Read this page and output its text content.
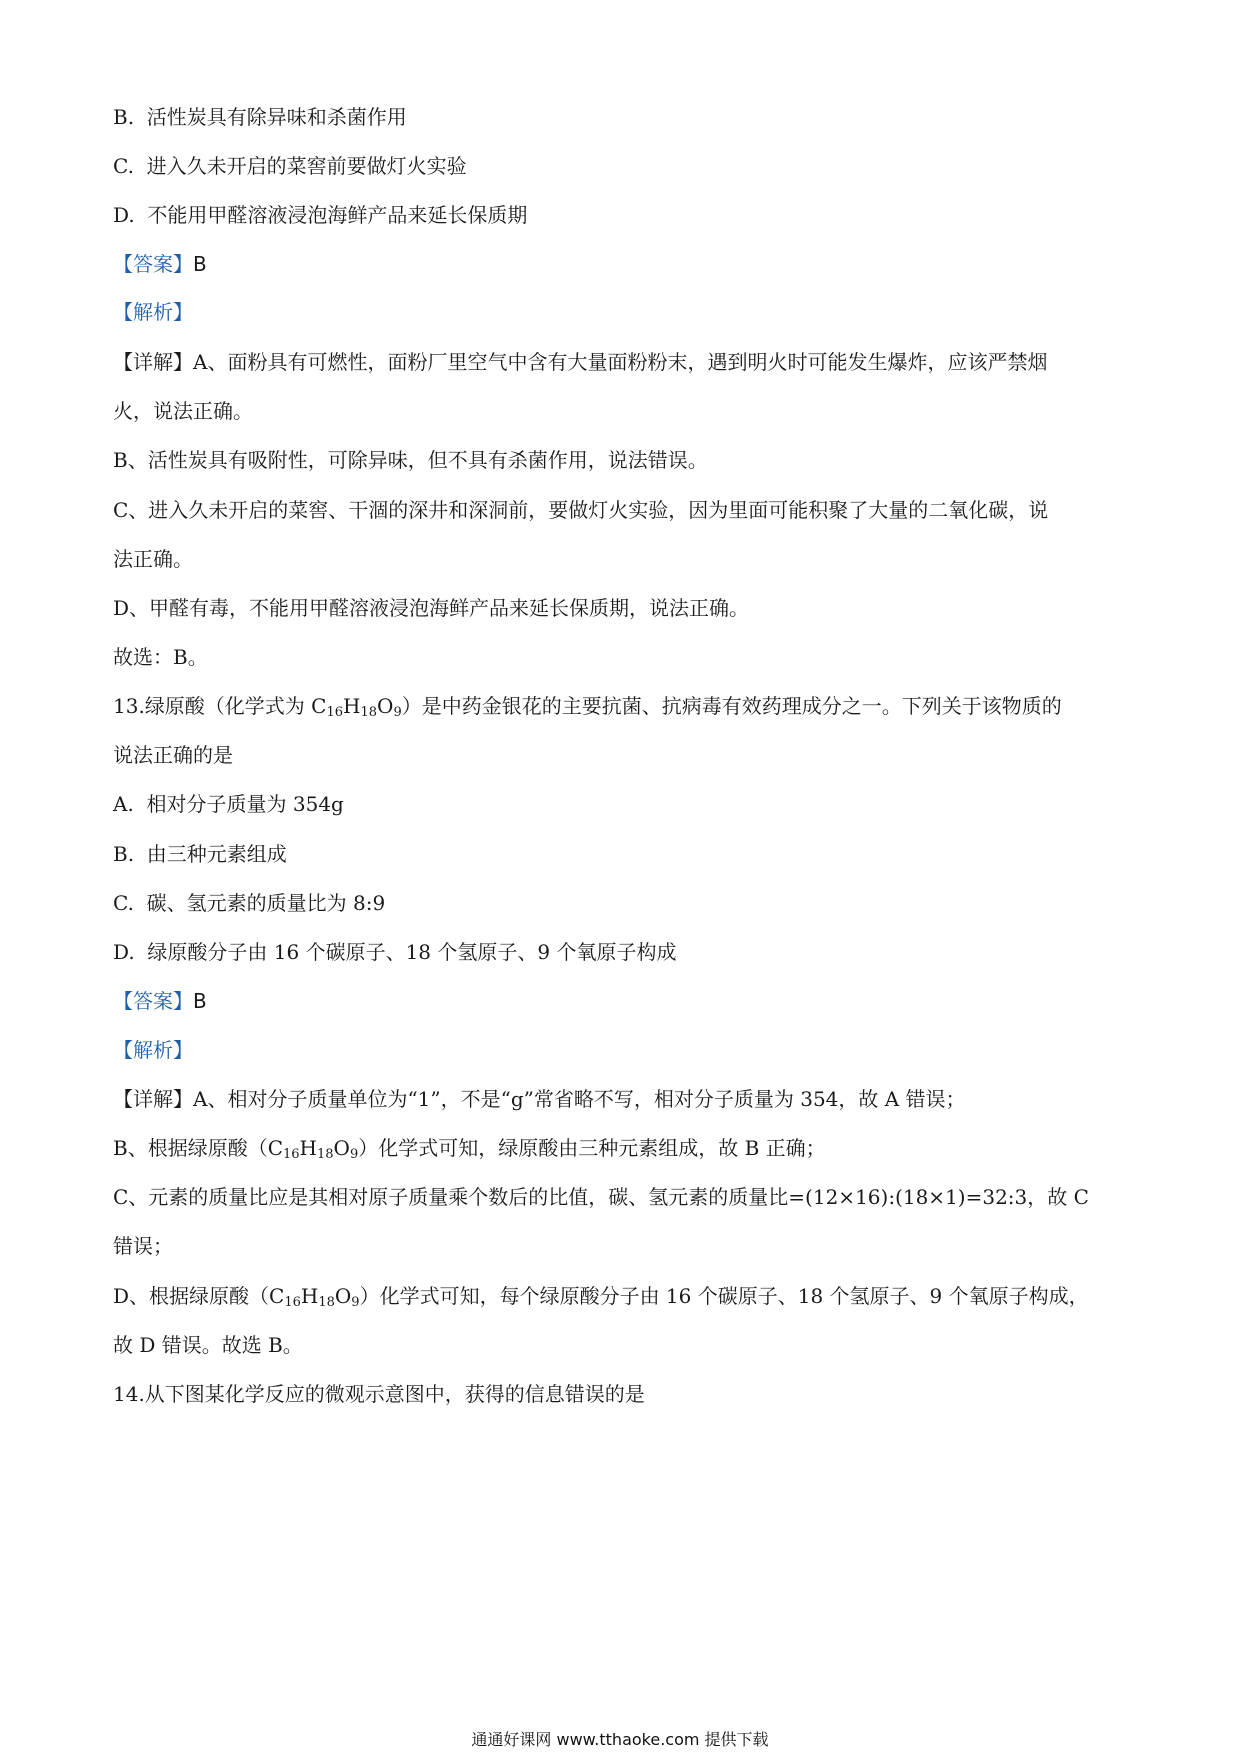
B. 活性炭具有除异味和杀菌作用
C. 进入久未开启的菜窖前要做灯火实验
D. 不能用甲醛溶液浸泡海鲜产品来延长保质期
【答案】B
【解析】
【详解】A、面粉具有可燃性，面粉厂里空气中含有大量面粉粉末，遇到明火时可能发生爆炸，应该严禁烟
火，说法正确。
B、活性炭具有吸附性，可除异味，但不具有杀菌作用，说法错误。
C、进入久未开启的菜窖、干涸的深井和深洞前，要做灯火实验，因为里面可能积聚了大量的二氧化碳，说
法正确。
D、甲醛有毒，不能用甲醛溶液浸泡海鲜产品来延长保质期，说法正确。
故选：B。
13.绿原酸（化学式为 $C_{16}H_{18}O_9$）是中药金银花的主要抗菌、抗病毒有效药理成分之一。下列关于该物质的
说法正确的是
A. 相对分子质量为 354g
B. 由三种元素组成
C. 碳、氢元素的质量比为 8:9
D. 绿原酸分子由 16 个碳原子、18 个氢原子、9 个氧原子构成
【答案】B
【解析】
【详解】A、相对分子质量单位为“1”，不是“g”常省略不写，相对分子质量为 354，故 A 错误；
B、根据绿原酸$(C_{16}H_{18}O_9)$化学式可知，绿原酸由三种元素组成，故 B 正确；
C、元素的质量比应是其相对原子质量乘个数后的比值，碳、氢元素的质量比=(12×16):(18×1)=32:3，故 C
错误；
D、根据绿原酸$(C_{16}H_{18}O_9)$化学式可知，每个绿原酸分子由 16 个碳原子、18 个氢原子、9 个氧原子构成，
故 D 错误。故选 B。
14.从下图某化学反应的微观示意图中，获得的信息错误的是
通通好课网 www.tthaoke.com 提供下载
